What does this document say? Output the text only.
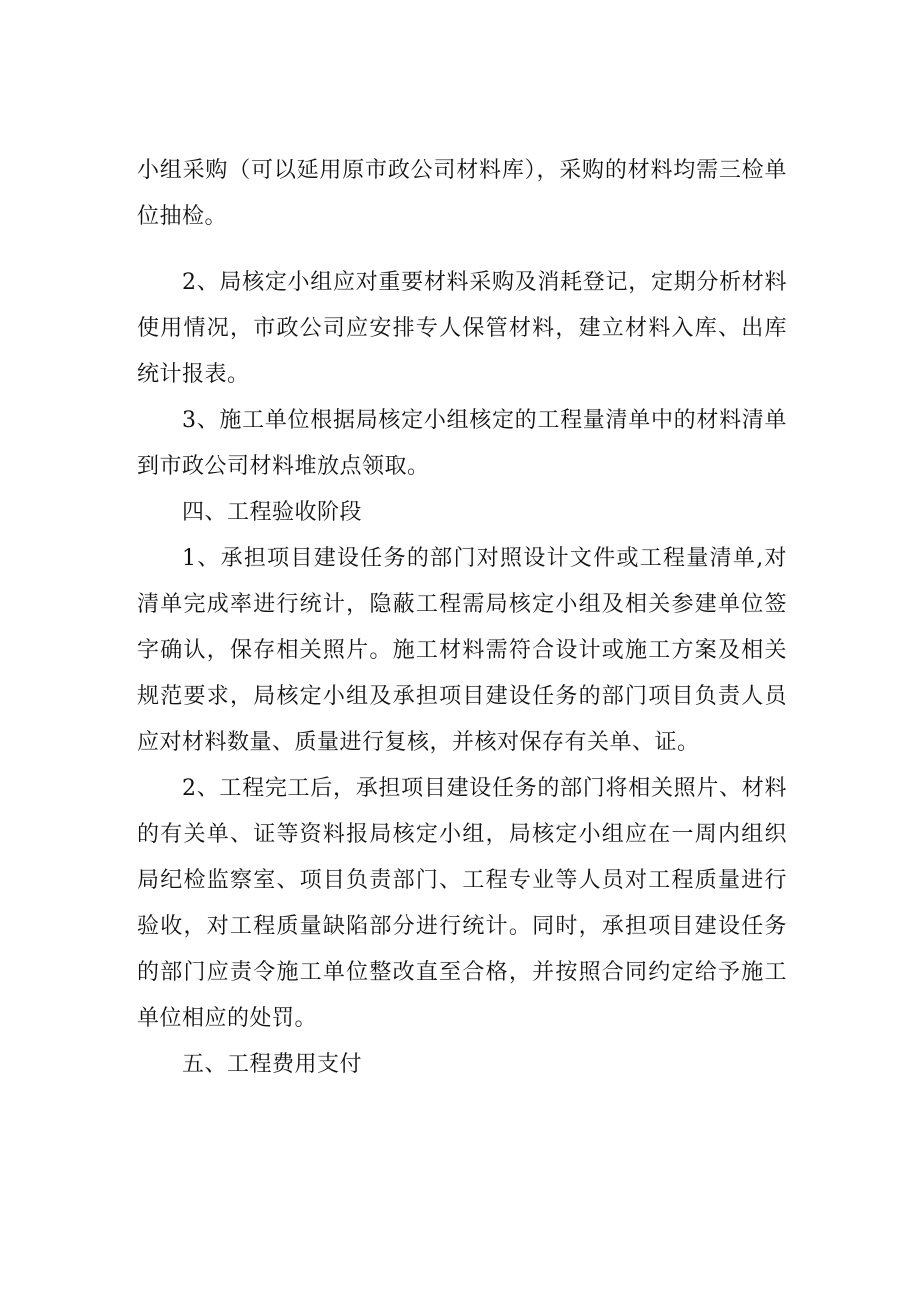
小组采购（可以延用原市政公司材料库），采购的材料均需三检单位抽检。

2、局核定小组应对重要材料采购及消耗登记，定期分析材料使用情况，市政公司应安排专人保管材料，建立材料入库、出库统计报表。

3、施工单位根据局核定小组核定的工程量清单中的材料清单到市政公司材料堆放点领取。

四、工程验收阶段

1、承担项目建设任务的部门对照设计文件或工程量清单,对清单完成率进行统计，隐蔽工程需局核定小组及相关参建单位签字确认，保存相关照片。施工材料需符合设计或施工方案及相关规范要求，局核定小组及承担项目建设任务的部门项目负责人员应对材料数量、质量进行复核，并核对保存有关单、证。

2、工程完工后，承担项目建设任务的部门将相关照片、材料的有关单、证等资料报局核定小组，局核定小组应在一周内组织局纪检监察室、项目负责部门、工程专业等人员对工程质量进行验收，对工程质量缺陷部分进行统计。同时，承担项目建设任务的部门应责令施工单位整改直至合格，并按照合同约定给予施工单位相应的处罚。

五、工程费用支付
